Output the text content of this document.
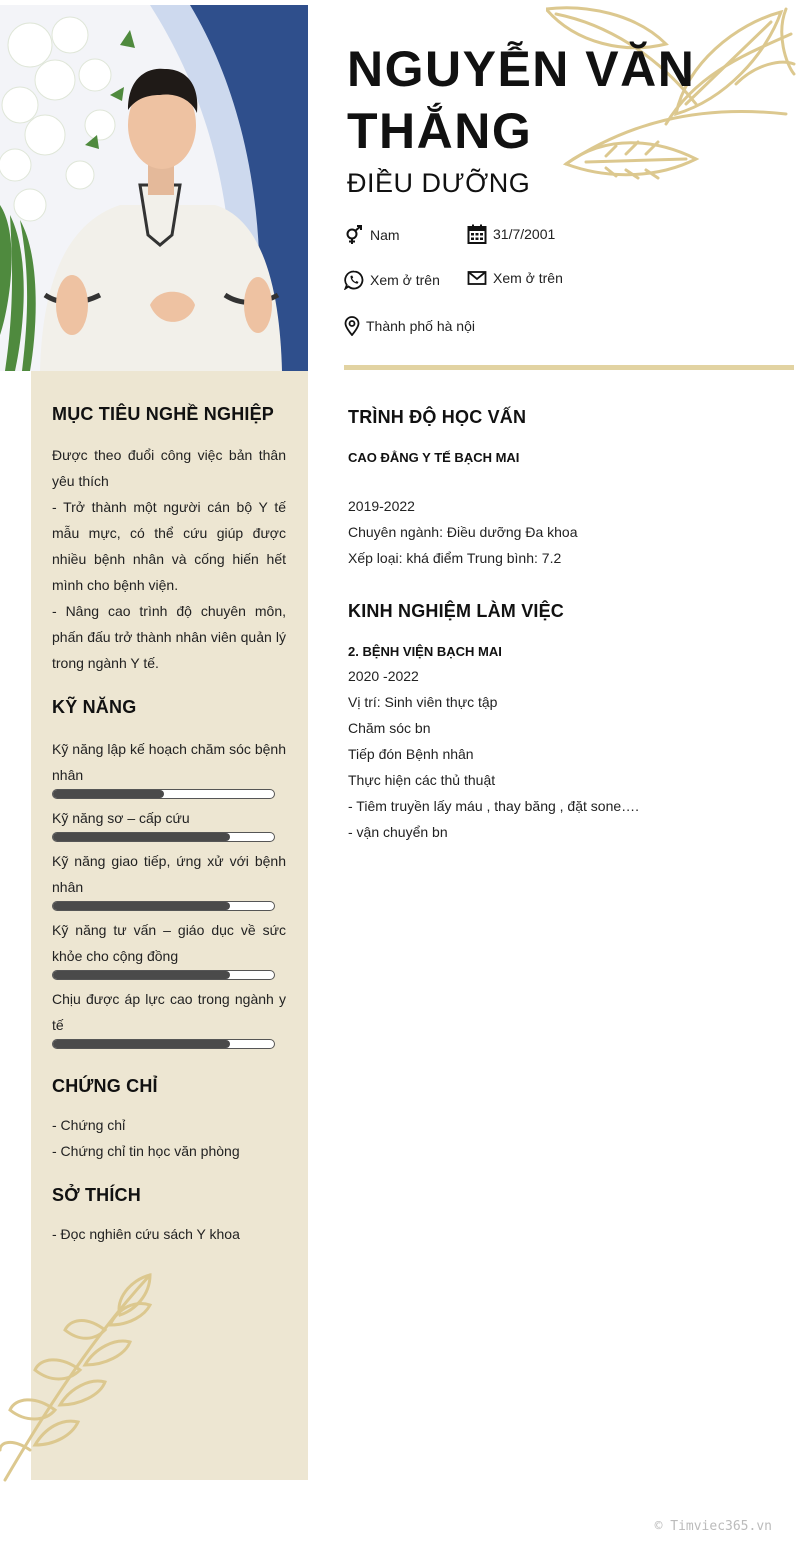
NGUYỄN VĂN THẮNG
ĐIỀU DƯỠNG
Nam	31/7/2001
Xem ở trên	Xem ở trên
Thành phố hà nội
MỤC TIÊU NGHỀ NGHIỆP
Được theo đuổi công việc bản thân yêu thích
- Trở thành một người cán bộ Y tế mẫu mực, có thể cứu giúp được nhiều bệnh nhân và cống hiến hết mình cho bệnh viện.
- Nâng cao trình độ chuyên môn, phấn đấu trở thành nhân viên quản lý trong ngành Y tế.
KỸ NĂNG
Kỹ năng lập kế hoạch chăm sóc bệnh nhân
Kỹ năng sơ – cấp cứu
Kỹ năng giao tiếp, ứng xử với bệnh nhân
Kỹ năng tư vấn – giáo dục về sức khỏe cho cộng đồng
Chịu được áp lực cao trong ngành y tế
CHỨNG CHỈ
- Chứng chỉ
- Chứng chỉ tin học văn phòng
SỞ THÍCH
- Đọc nghiên cứu sách Y khoa
TRÌNH ĐỘ HỌC VẤN
CAO ĐẲNG Y TẾ BẠCH MAI
2019-2022
Chuyên ngành: Điều dưỡng Đa khoa
Xếp loại: khá điểm Trung bình: 7.2
KINH NGHIỆM LÀM VIỆC
2. BỆNH VIỆN BẠCH MAI
2020 -2022
Vị trí: Sinh viên thực tập
Chăm sóc bn
Tiếp đón Bệnh nhân
Thực hiện các thủ thuật
- Tiêm truyền lấy máu , thay băng , đặt sone….
- vận chuyển bn
© Timviec365.vn
